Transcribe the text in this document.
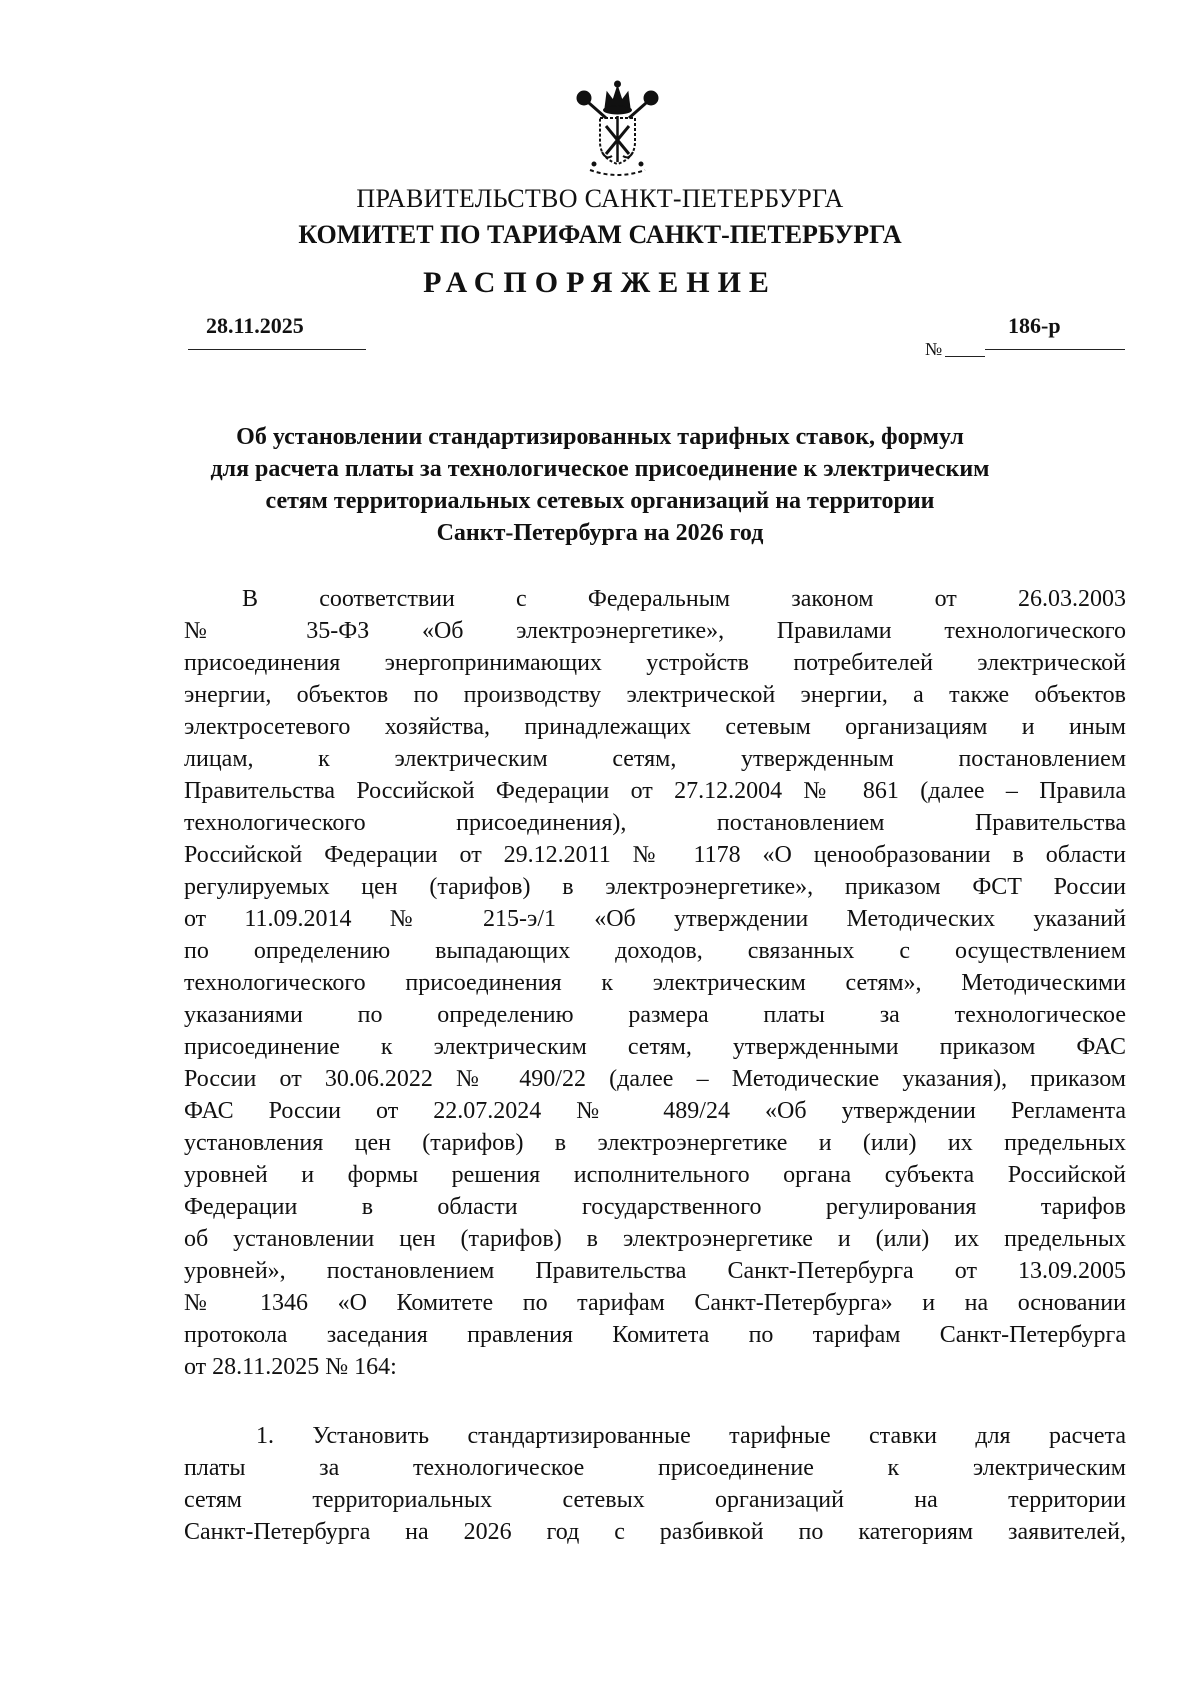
ПРАВИТЕЛЬСТВО САНКТ-ПЕТЕРБУРГА
КОМИТЕТ ПО ТАРИФАМ САНКТ-ПЕТЕРБУРГА
РАСПОРЯЖЕНИЕ
28.11.2025
№
186-р
Об установлении стандартизированных тарифных ставок, формул
для расчета платы за технологическое присоединение к электрическим
сетям территориальных сетевых организаций на территории
Санкт-Петербурга на 2026 год
В соответствии с Федеральным законом от 26.03.2003
№ 35-ФЗ «Об электроэнергетике», Правилами технологического
присоединения энергопринимающих устройств потребителей электрической
энергии, объектов по производству электрической энергии, а также объектов
электросетевого хозяйства, принадлежащих сетевым организациям и иным
лицам, к электрическим сетям, утвержденным постановлением
Правительства Российской Федерации от 27.12.2004 № 861 (далее – Правила
технологического присоединения), постановлением Правительства
Российской Федерации от 29.12.2011 № 1178 «О ценообразовании в области
регулируемых цен (тарифов) в электроэнергетике», приказом ФСТ России
от 11.09.2014 № 215-э/1 «Об утверждении Методических указаний
по определению выпадающих доходов, связанных с осуществлением
технологического присоединения к электрическим сетям», Методическими
указаниями по определению размера платы за технологическое
присоединение к электрическим сетям, утвержденными приказом ФАС
России от 30.06.2022 № 490/22 (далее – Методические указания), приказом
ФАС России от 22.07.2024 № 489/24 «Об утверждении Регламента
установления цен (тарифов) в электроэнергетике и (или) их предельных
уровней и формы решения исполнительного органа субъекта Российской
Федерации в области государственного регулирования тарифов
об установлении цен (тарифов) в электроэнергетике и (или) их предельных
уровней», постановлением Правительства Санкт-Петербурга от 13.09.2005
№ 1346 «О Комитете по тарифам Санкт-Петербурга» и на основании
протокола заседания правления Комитета по тарифам Санкт-Петербурга
от 28.11.2025 № 164:
1. Установить стандартизированные тарифные ставки для расчета
платы за технологическое присоединение к электрическим
сетям территориальных сетевых организаций на территории
Санкт-Петербурга на 2026 год с разбивкой по категориям заявителей,
